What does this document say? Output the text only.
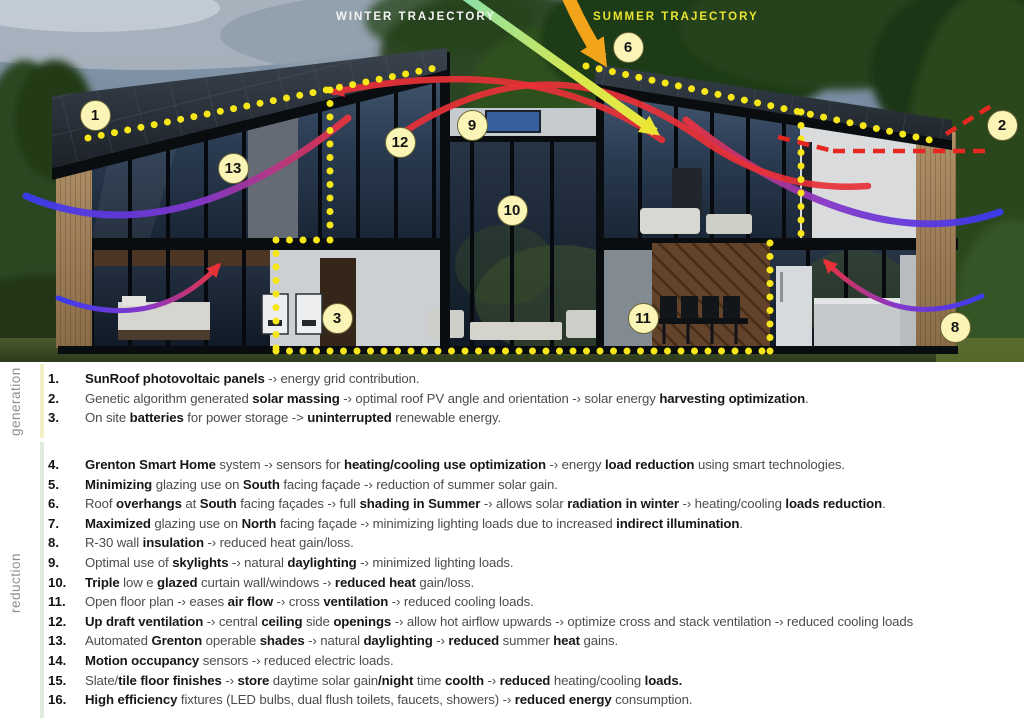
WINTER TRAJECTORY	SUMMER TRAJECTORY
1
2
3
6
8
9
10
11
12
13
generation 1.	SunRoof photovoltaic panels -› energy grid contribution.
2.	Genetic algorithm generated solar massing -› optimal roof PV angle and orientation -› solar energy harvesting optimization.
3.	On site batteries for power storage -> uninterrupted renewable energy.
reduction
4.	Grenton Smart Home system -› sensors for heating/cooling use optimization -› energy load reduction using smart technologies.
5.	Minimizing glazing use on South facing façade -› reduction of summer solar gain.
6.	Roof overhangs at South facing façades -› full shading in Summer -› allows solar radiation in winter -› heating/cooling loads reduction.
7.	Maximized glazing use on North facing façade -› minimizing lighting loads due to increased indirect illumination.
8.	R-30 wall insulation -› reduced heat gain/loss.
9.	Optimal use of skylights -› natural daylighting -› minimized lighting loads.
10.	Triple low e glazed curtain wall/windows -› reduced heat gain/loss.
11.	Open floor plan -› eases air flow -› cross ventilation -› reduced cooling loads.
12.	Up draft ventilation -› central ceiling side openings -› allow hot airflow upwards -› optimize cross and stack ventilation -› reduced cooling loads
13.	Automated Grenton operable shades -› natural daylighting -› reduced summer heat gains.
14.	Motion occupancy sensors -› reduced electric loads.
15.	Slate/tile floor finishes -› store daytime solar gain/night time coolth -› reduced heating/cooling loads.
16.	High efficiency fixtures (LED bulbs, dual flush toilets, faucets, showers) -› reduced energy consumption.
